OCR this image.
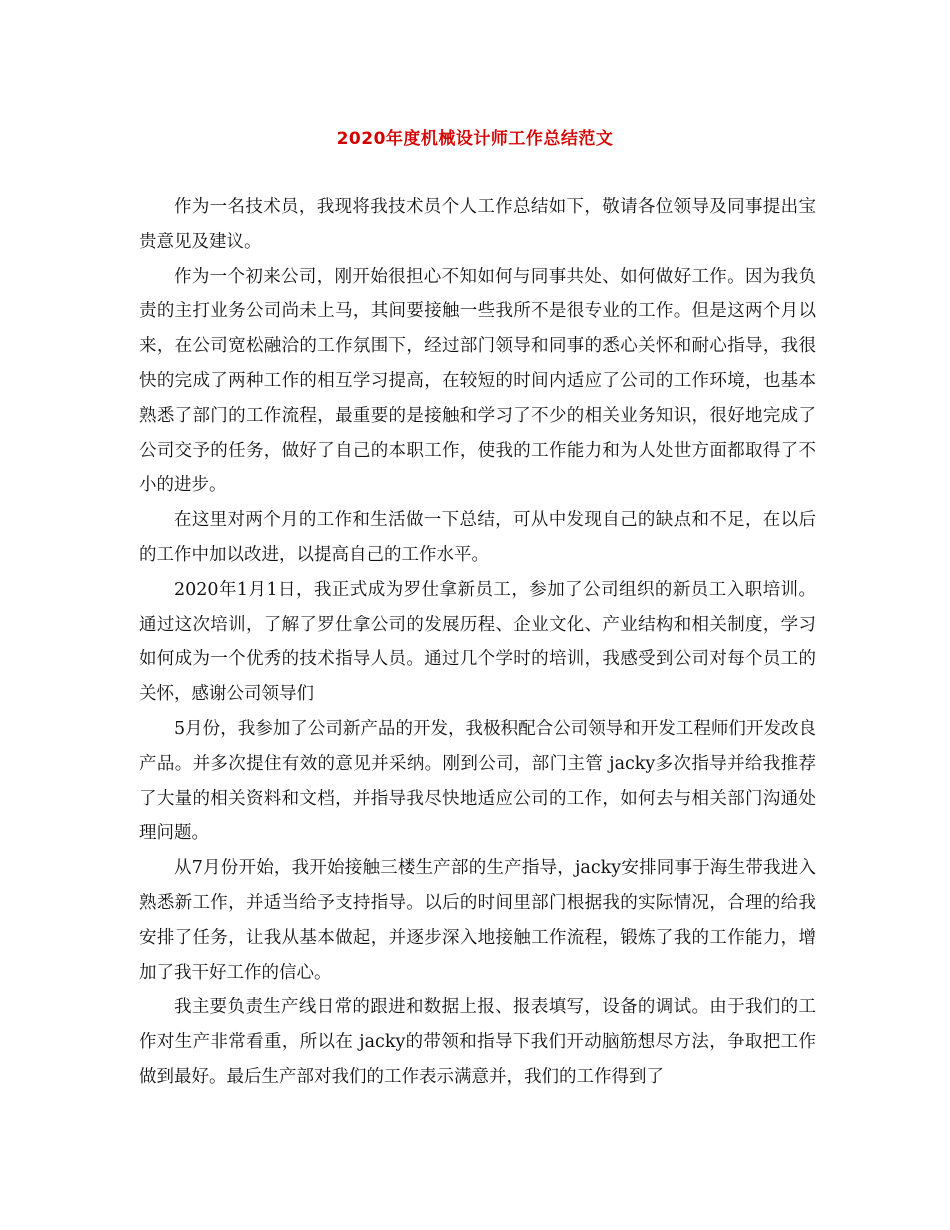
2020年度机械设计师工作总结范文

作为一名技术员，我现将我技术员个人工作总结如下，敬请各位领导及同事提出宝贵意见及建议。

作为一个初来公司，刚开始很担心不知如何与同事共处、如何做好工作。因为我负责的主打业务公司尚未上马，其间要接触一些我所不是很专业的工作。但是这两个月以来，在公司宽松融洽的工作氛围下，经过部门领导和同事的悉心关怀和耐心指导，我很快的完成了两种工作的相互学习提高，在较短的时间内适应了公司的工作环境，也基本熟悉了部门的工作流程，最重要的是接触和学习了不少的相关业务知识，很好地完成了公司交予的任务，做好了自己的本职工作，使我的工作能力和为人处世方面都取得了不小的进步。

在这里对两个月的工作和生活做一下总结，可从中发现自己的缺点和不足，在以后的工作中加以改进，以提高自己的工作水平。

2020年1月1日，我正式成为罗仕拿新员工，参加了公司组织的新员工入职培训。通过这次培训，了解了罗仕拿公司的发展历程、企业文化、产业结构和相关制度，学习如何成为一个优秀的技术指导人员。通过几个学时的培训，我感受到公司对每个员工的关怀，感谢公司领导们

5月份，我参加了公司新产品的开发，我极积配合公司领导和开发工程师们开发改良产品。并多次提住有效的意见并采纳。刚到公司，部门主管 jacky多次指导并给我推荐了大量的相关资料和文档，并指导我尽快地适应公司的工作，如何去与相关部门沟通处理问题。

从7月份开始，我开始接触三楼生产部的生产指导，jacky安排同事于海生带我进入熟悉新工作，并适当给予支持指导。以后的时间里部门根据我的实际情况，合理的给我安排了任务，让我从基本做起，并逐步深入地接触工作流程，锻炼了我的工作能力，增加了我干好工作的信心。

我主要负责生产线日常的跟进和数据上报、报表填写，设备的调试。由于我们的工作对生产非常看重，所以在 jacky的带领和指导下我们开动脑筋想尽方法，争取把工作做到最好。最后生产部对我们的工作表示满意并，我们的工作得到了
